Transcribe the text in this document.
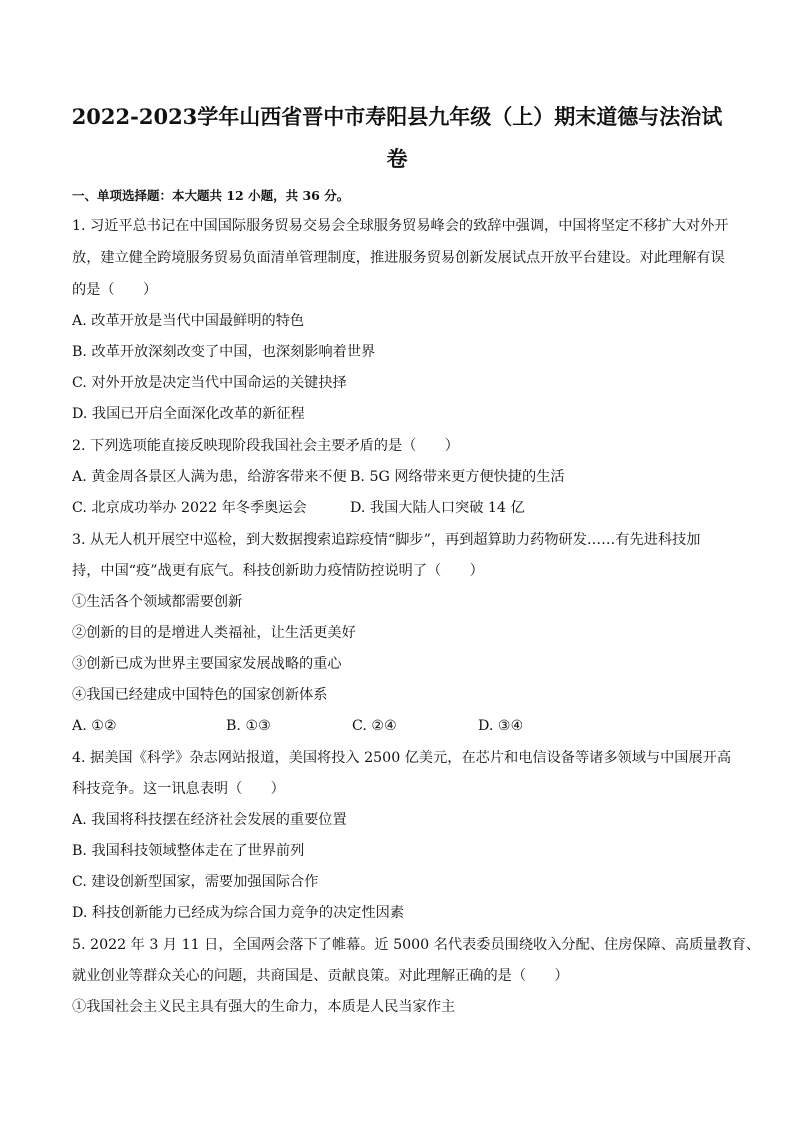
2022-2023学年山西省晋中市寿阳县九年级（上）期末道德与法治试
卷
一、单项选择题：本大题共 12 小题，共 36 分。
1. 习近平总书记在中国国际服务贸易交易会全球服务贸易峰会的致辞中强调，中国将坚定不移扩大对外开
放，建立健全跨境服务贸易负面清单管理制度，推进服务贸易创新发展试点开放平台建设。对此理解有误
的是（　　）
A. 改革开放是当代中国最鲜明的特色
B. 改革开放深刻改变了中国，也深刻影响着世界
C. 对外开放是决定当代中国命运的关键抉择
D. 我国已开启全面深化改革的新征程
2. 下列选项能直接反映现阶段我国社会主要矛盾的是（　　）
A. 黄金周各景区人满为患，给游客带来不便 B. 5G 网络带来更方便快捷的生活
C. 北京成功举办 2022 年冬季奥运会	D. 我国大陆人口突破 14 亿
3. 从无人机开展空中巡检，到大数据搜索追踪疫情“脚步”，再到超算助力药物研发……有先进科技加
持，中国“疫”战更有底气。科技创新助力疫情防控说明了（　　）
①生活各个领域都需要创新
②创新的目的是增进人类福祉，让生活更美好
③创新已成为世界主要国家发展战略的重心
④我国已经建成中国特色的国家创新体系
A. ①②	B. ①③	C. ②④	D. ③④
4. 据美国《科学》杂志网站报道，美国将投入 2500 亿美元，在芯片和电信设备等诸多领域与中国展开高
科技竞争。这一讯息表明（　　）
A. 我国将科技摆在经济社会发展的重要位置
B. 我国科技领域整体走在了世界前列
C. 建设创新型国家，需要加强国际合作
D. 科技创新能力已经成为综合国力竞争的决定性因素
5. 2022 年 3 月 11 日，全国两会落下了帷幕。近 5000 名代表委员围绕收入分配、住房保障、高质量教育、
就业创业等群众关心的问题，共商国是、贡献良策。对此理解正确的是（　　）
①我国社会主义民主具有强大的生命力，本质是人民当家作主
